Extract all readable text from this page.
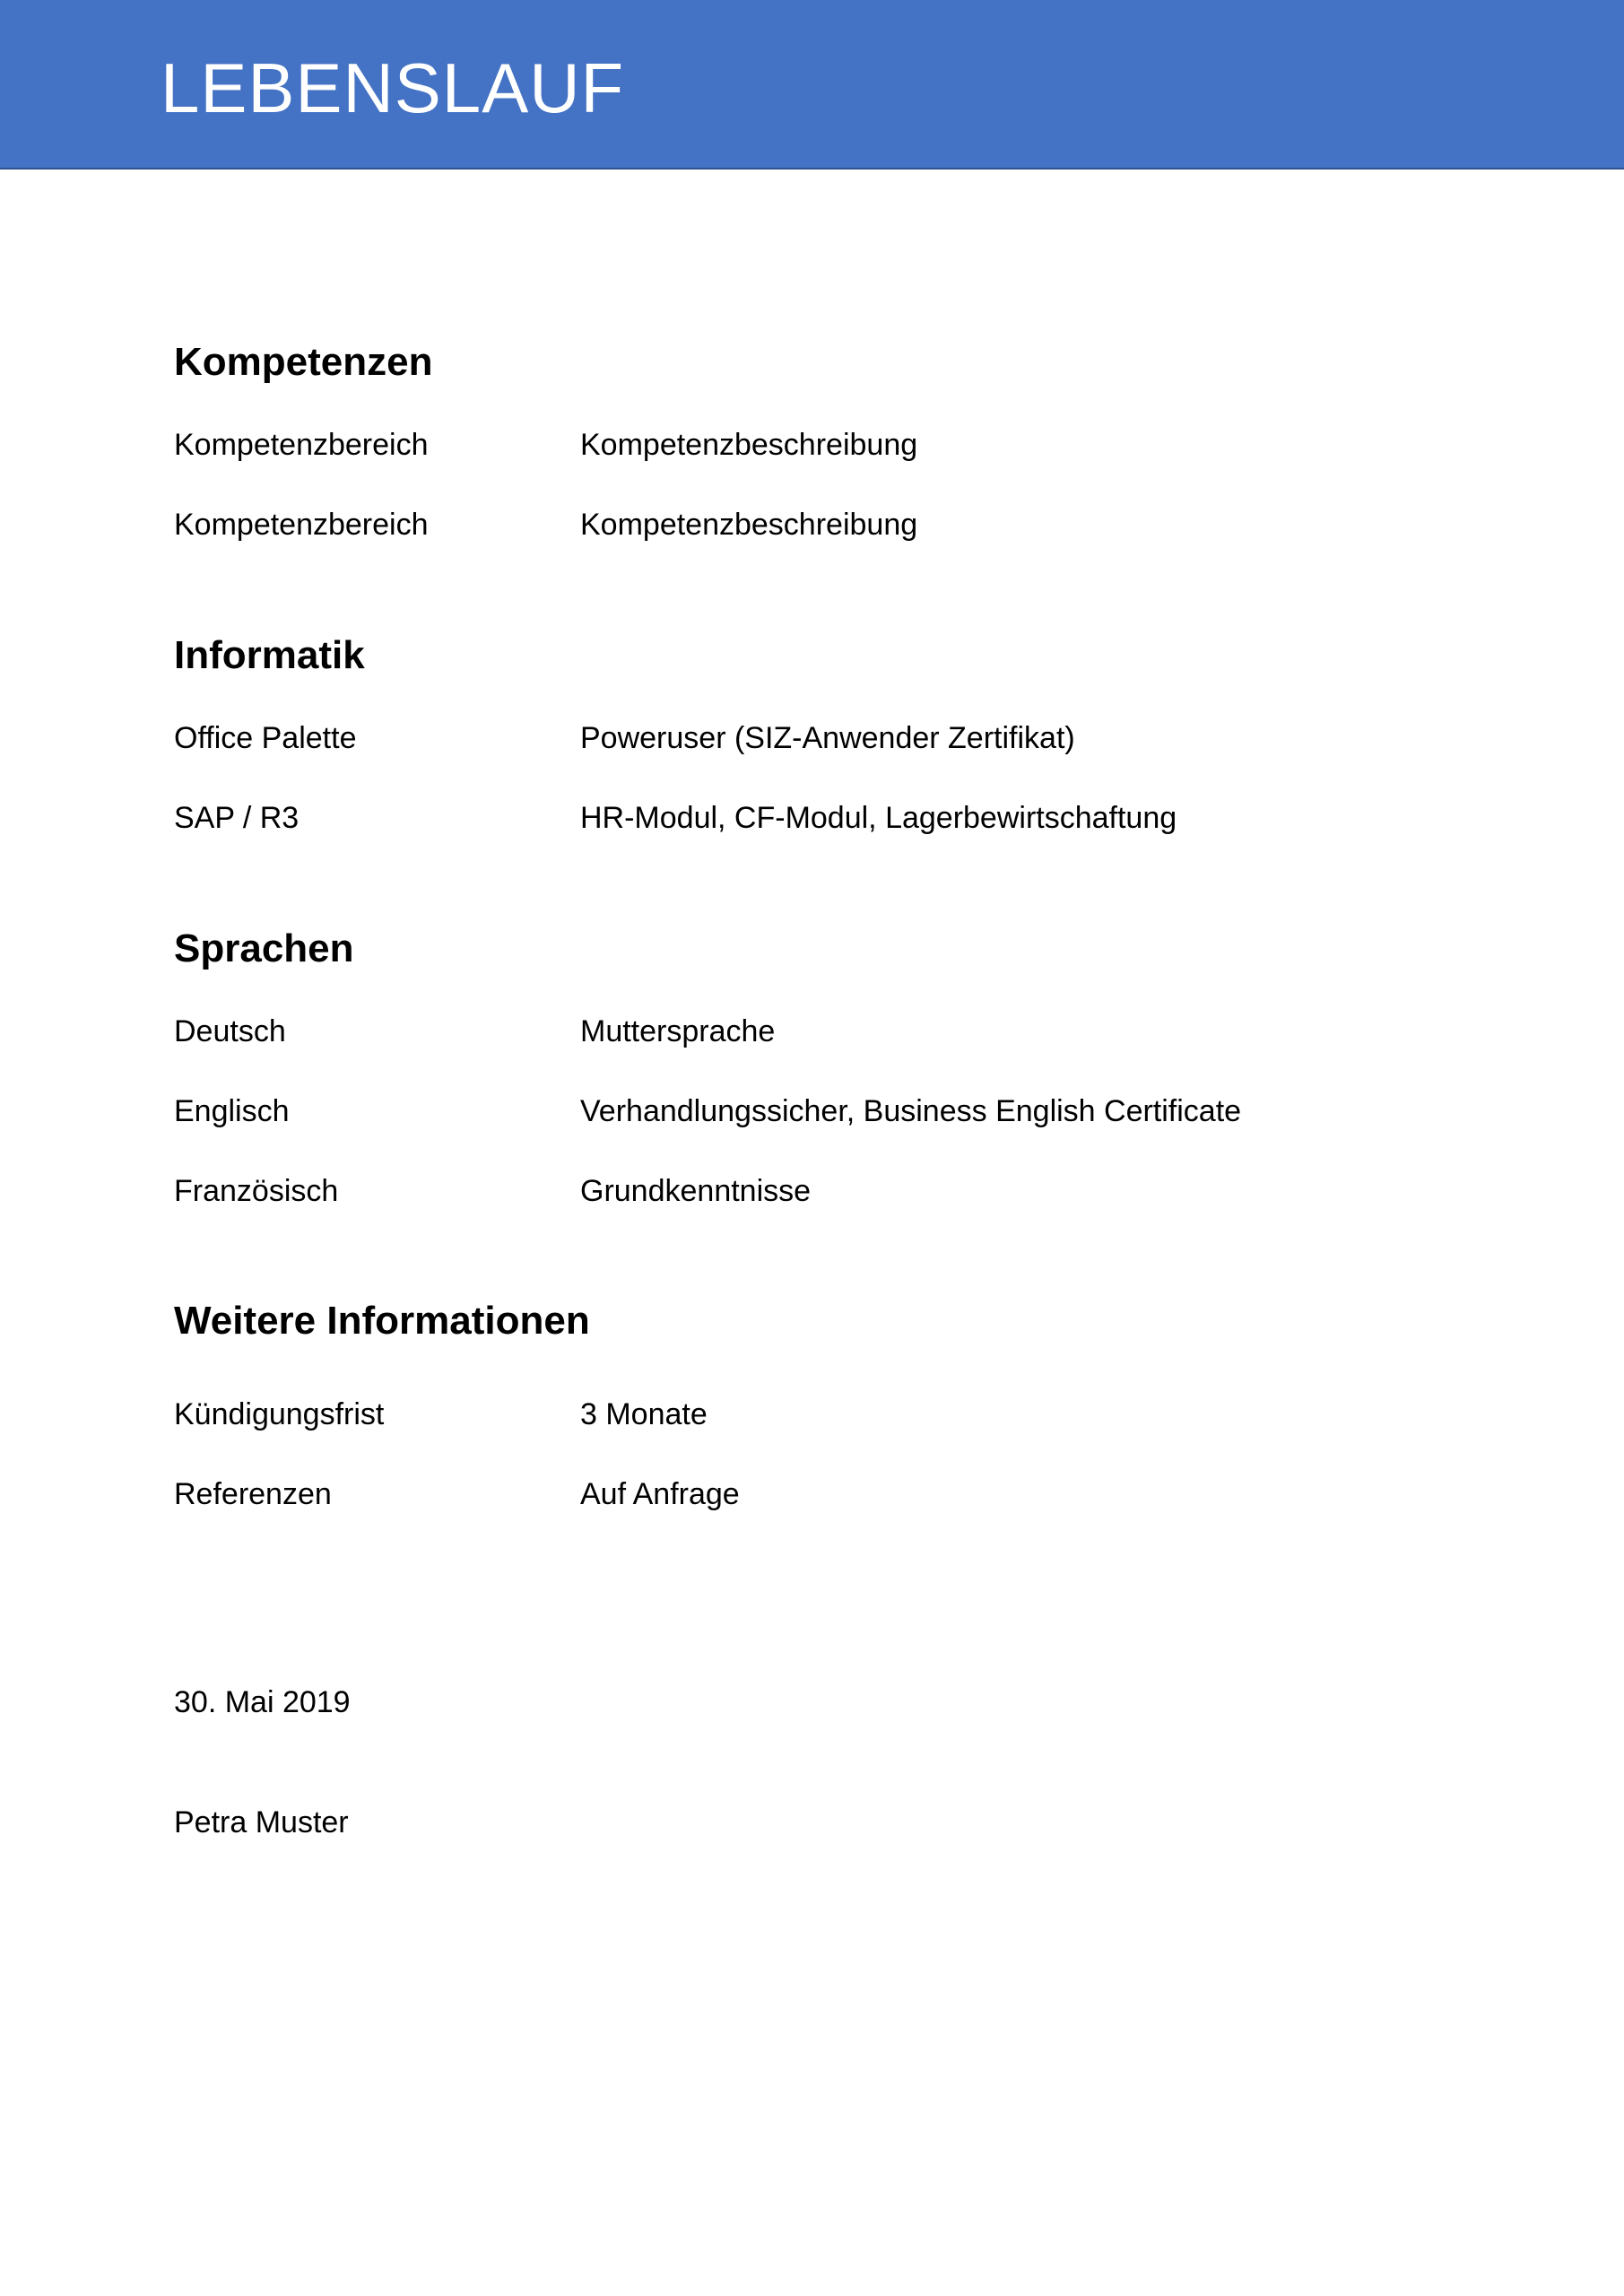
LEBENSLAUF
Kompetenzen
Kompetenzbereich	Kompetenzbeschreibung
Kompetenzbereich	Kompetenzbeschreibung
Informatik
Office Palette	Poweruser (SIZ-Anwender Zertifikat)
SAP / R3	HR-Modul, CF-Modul, Lagerbewirtschaftung
Sprachen
Deutsch	Muttersprache
Englisch	Verhandlungssicher, Business English Certificate
Französisch	Grundkenntnisse
Weitere Informationen
Kündigungsfrist	3 Monate
Referenzen	Auf Anfrage
30. Mai 2019
Petra Muster
